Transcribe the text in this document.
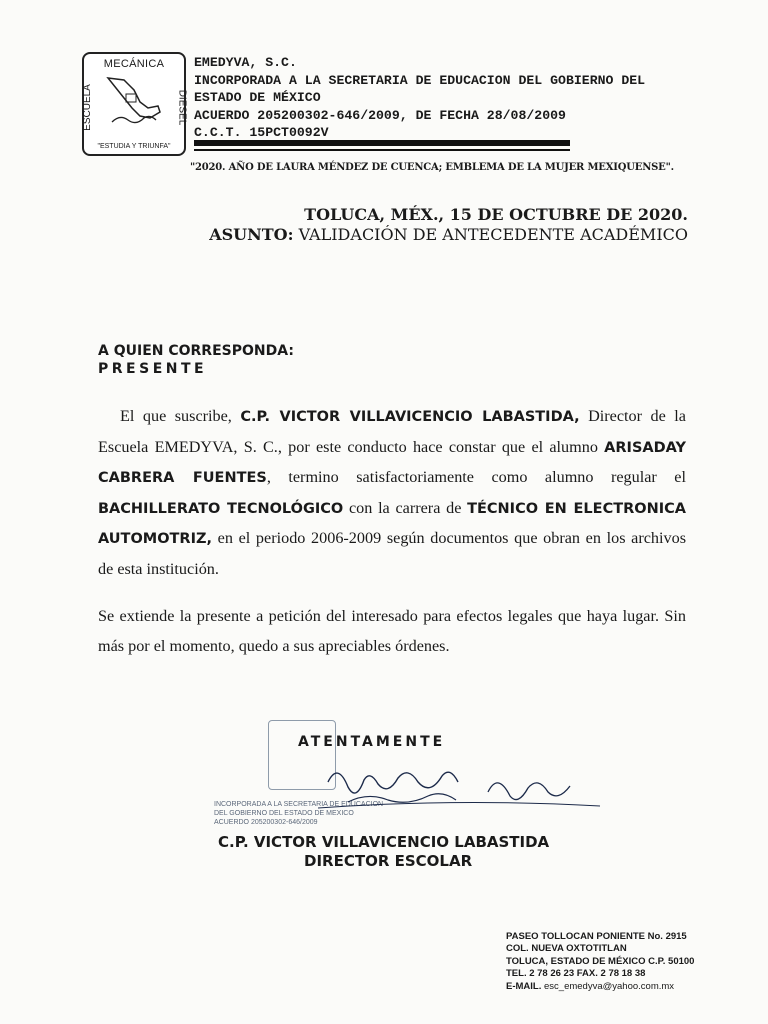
MECÁNICA
ESCUELA	DIESEL
"ESTUDIA Y TRIUNFA"
EMEDYVA, S.C.
INCORPORADA A LA SECRETARIA DE EDUCACION DEL GOBIERNO DEL
ESTADO DE MÉXICO
ACUERDO 205200302-646/2009, DE FECHA 28/08/2009
C.C.T. 15PCT0092V
"2020. AÑO DE LAURA MÉNDEZ DE CUENCA; EMBLEMA DE LA MUJER MEXIQUENSE".
TOLUCA, MÉX., 15 DE OCTUBRE DE 2020.
ASUNTO: VALIDACIÓN DE ANTECEDENTE ACADÉMICO
A QUIEN CORRESPONDA:
PRESENTE
El que suscribe, C.P. VICTOR VILLAVICENCIO LABASTIDA, Director de la Escuela EMEDYVA, S. C., por este conducto hace constar que el alumno ARISADAY CABRERA FUENTES, termino satisfactoriamente como alumno regular el BACHILLERATO TECNOLÓGICO con la carrera de TÉCNICO EN ELECTRONICA AUTOMOTRIZ, en el periodo 2006-2009 según documentos que obran en los archivos de esta institución.
Se extiende la presente a petición del interesado para efectos legales que haya lugar. Sin más por el momento, quedo a sus apreciables órdenes.
INCORPORADA A LA SECRETARIA DE EDUCACION
DEL GOBIERNO DEL ESTADO DE MEXICO
ACUERDO 205200302-646/2009
ATENTAMENTE
C.P. VICTOR VILLAVICENCIO LABASTIDA
DIRECTOR ESCOLAR
PASEO TOLLOCAN PONIENTE No. 2915
COL. NUEVA OXTOTITLAN
TOLUCA, ESTADO DE MÉXICO C.P. 50100
TEL. 2 78 26 23 FAX. 2 78 18 38
E-MAIL. esc_emedyva@yahoo.com.mx
